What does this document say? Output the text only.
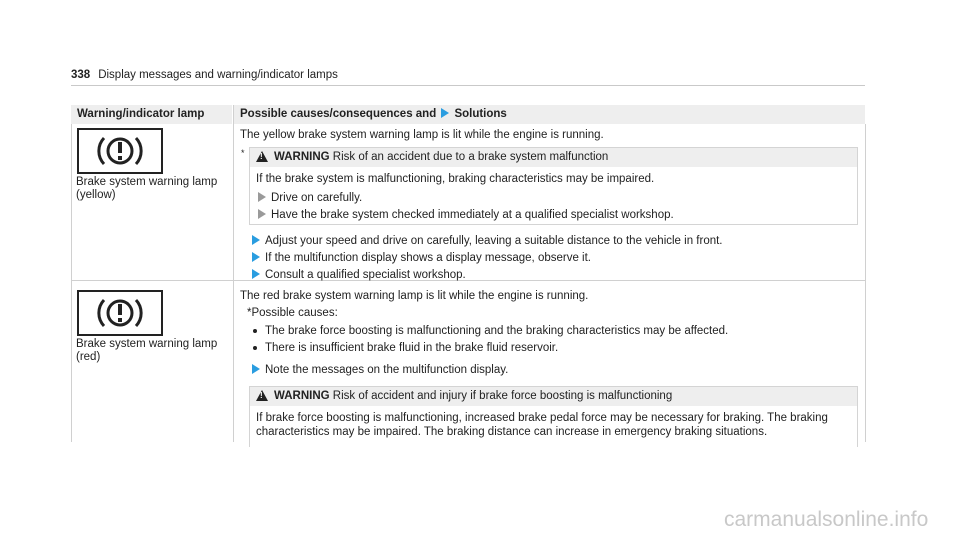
338 Display messages and warning/indicator lamps
Warning/indicator lamp	Possible causes/consequences and Solutions
Brake system warning lamp
(yellow)
The yellow brake system warning lamp is lit while the engine is running.
*
!	WARNING Risk of an accident due to a brake system malfunction
If the brake system is malfunctioning, braking characteristics may be impaired.
Drive on carefully.
Have the brake system checked immediately at a qualified specialist workshop.
Adjust your speed and drive on carefully, leaving a suitable distance to the vehicle in front.
If the multifunction display shows a display message, observe it.
Consult a qualified specialist workshop.
Brake system warning lamp
(red)
The red brake system warning lamp is lit while the engine is running.
*Possible causes:
The brake force boosting is malfunctioning and the braking characteristics may be affected.
There is insufficient brake fluid in the brake fluid reservoir.
Note the messages on the multifunction display.
!WARNING Risk of accident and injury if brake force boosting is malfunctioning
If brake force boosting is malfunctioning, increased brake pedal force may be necessary for braking. The braking
characteristics may be impaired. The braking distance can increase in emergency braking situations.
carmanualsonline.info
